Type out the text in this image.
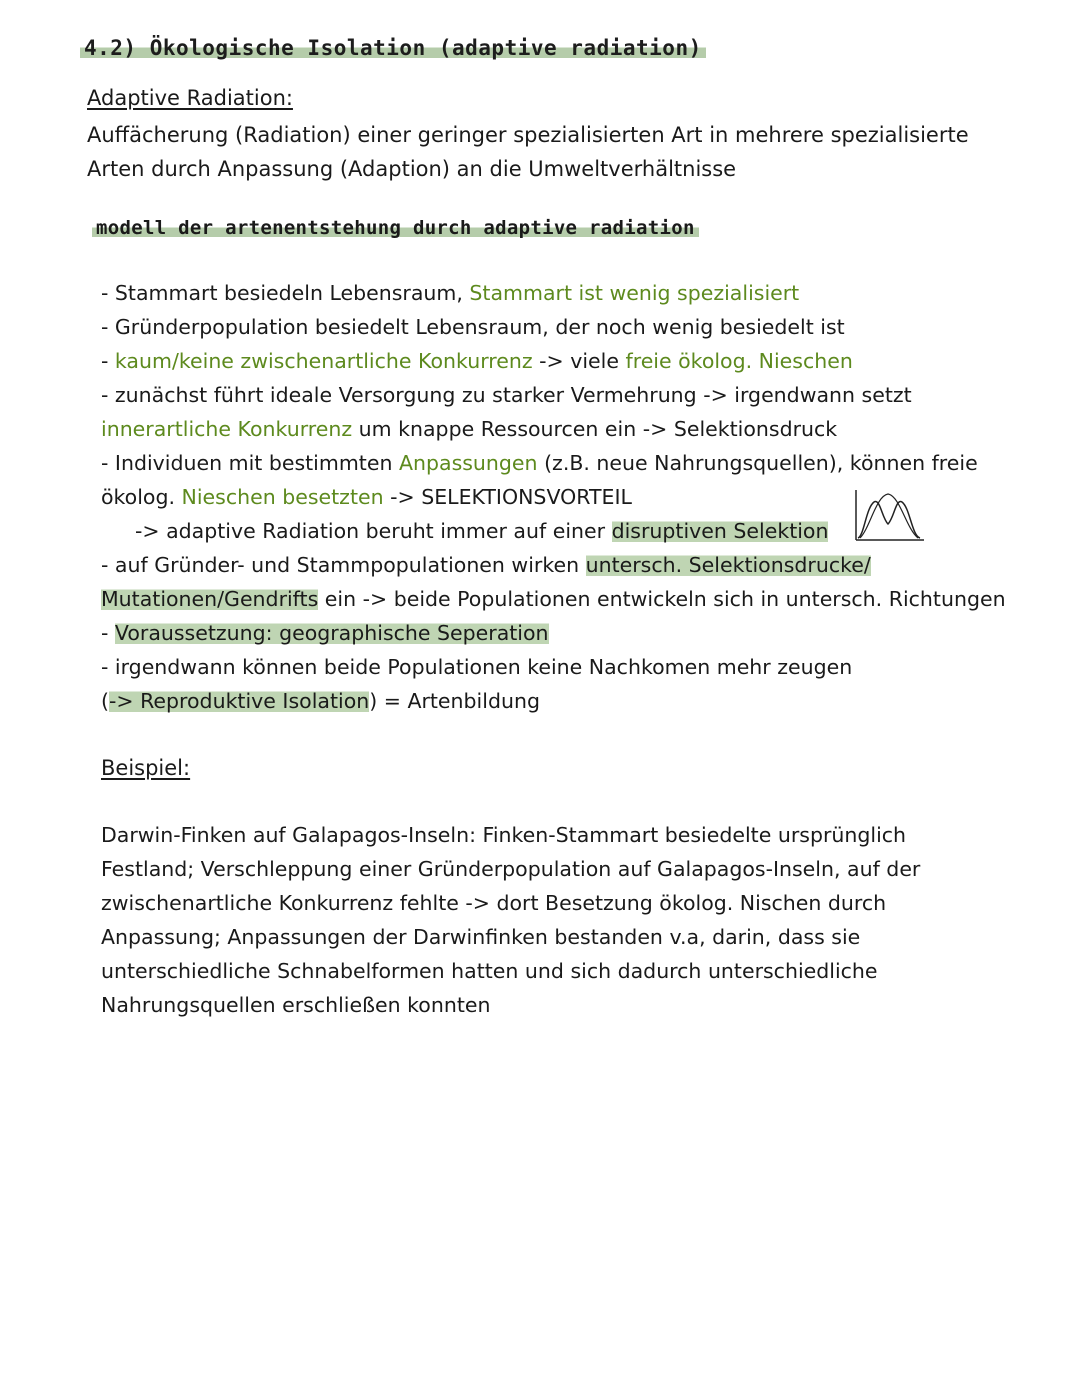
4.2) Ökologische Isolation (adaptive radiation)
Adaptive Radiation:
Auffächerung (Radiation) einer geringer spezialisierten Art in mehrere spezialisierte
Arten durch Anpassung (Adaption) an die Umweltverhältnisse
modell der artenentstehung durch adaptive radiation

- Stammart besiedeln Lebensraum, Stammart ist wenig spezialisiert

- Gründerpopulation besiedelt Lebensraum, der noch wenig besiedelt ist

- kaum/keine zwischenartliche Konkurrenz -> viele freie ökolog. Nieschen

- zunächst führt ideale Versorgung zu starker Vermehrung -> irgendwann setzt

innerartliche Konkurrenz um knappe Ressourcen ein -> Selektionsdruck

- Individuen mit bestimmten Anpassungen (z.B. neue Nahrungsquellen), können freie

ökolog. Nieschen besetzten -> SELEKTIONSVORTEIL

-> adaptive Radiation beruht immer auf einer disruptiven Selektion

- auf Gründer- und Stammpopulationen wirken untersch. Selektionsdrucke/

Mutationen/Gendrifts ein -> beide Populationen entwickeln sich in untersch. Richtungen

- Voraussetzung: geographische Seperation

- irgendwann können beide Populationen keine Nachkomen mehr zeugen

(-> Reproduktive Isolation) = Artenbildung

Beispiel:

Darwin-Finken auf Galapagos-Inseln: Finken-Stammart besiedelte ursprünglich

Festland; Verschleppung einer Gründerpopulation auf Galapagos-Inseln, auf der

zwischenartliche Konkurrenz fehlte -> dort Besetzung ökolog. Nischen durch

Anpassung; Anpassungen der Darwinfinken bestanden v.a, darin, dass sie

unterschiedliche Schnabelformen hatten und sich dadurch unterschiedliche

Nahrungsquellen erschließen konnten
